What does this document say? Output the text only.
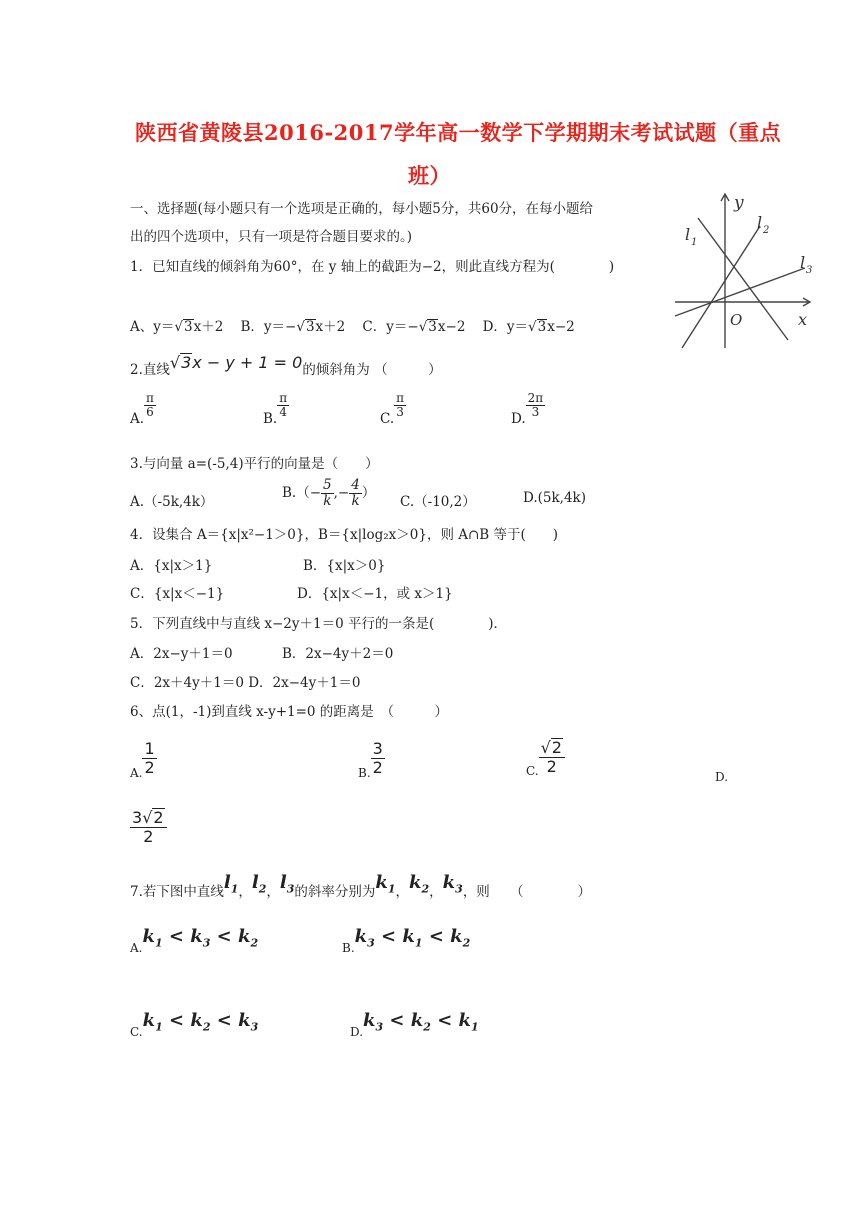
陕西省黄陵县2016-2017学年高一数学下学期期末考试试题（重点
班）
一、选择题(每小题只有一个选项是正确的，每小题5分，共60分，在每小题给
出的四个选项中，只有一项是符合题目要求的。)
y
x
O
l 1
l 2
l 3
1．已知直线的倾斜角为60°，在 y 轴上的截距为−2，则此直线方程为(　　　　)
A、y＝√3x＋2 B．y＝−√3x＋2 C．y＝−√3x−2 D．y＝√3x−2
2.直线√3x − y + 1 = 0的倾斜角为 （　　　）
A. $\frac{\pi}{6}$	B. $\frac{\pi}{4}$	C. $\frac{\pi}{3}$	D. $\frac{2\pi}{3}$
3.与向量 a=(-5,4)平行的向量是（　　）
A.（-5k,4k）
$B.(- \frac{5}{k}$ ,− $\frac{4}{k}$ ）
C.（-10,2）	D.(5k,4k)
4．设集合 A＝{x|x²−1＞0}，B＝{x|log₂x＞0}，则 A∩B 等于(　　)
A．{x|x＞1}	B．{x|x＞0}
C．{x|x＜−1}	D．{x|x＜−1，或 x＞1}
5．下列直线中与直线 x−2y＋1＝0 平行的一条是(　　　　)．
A．2x−y＋1＝0	B．2x−4y＋2＝0
C．2x＋4y＋1＝0 D．2x−4y＋1＝0
6、点(1，-1)到直线 x-y+1=0 的距离是　（　　　）
A. $\frac{1}{2}$	B. $\frac{3}{2}$	C. $\frac{√2}{2}$
D.
$\frac{3√2}{2}$
7.若下图中直线$l_1$，$l_2$，$l_3$的斜率分别为$k_1$，$k_2$，$k_3$，则　　（　　　　）
$A.k_1 < k_3 < k_2$	$B.k_3 < k_1 < k_2$
$C.k_1 < k_2 < k_3$	$D.k_3 < k_2 < k_1$
